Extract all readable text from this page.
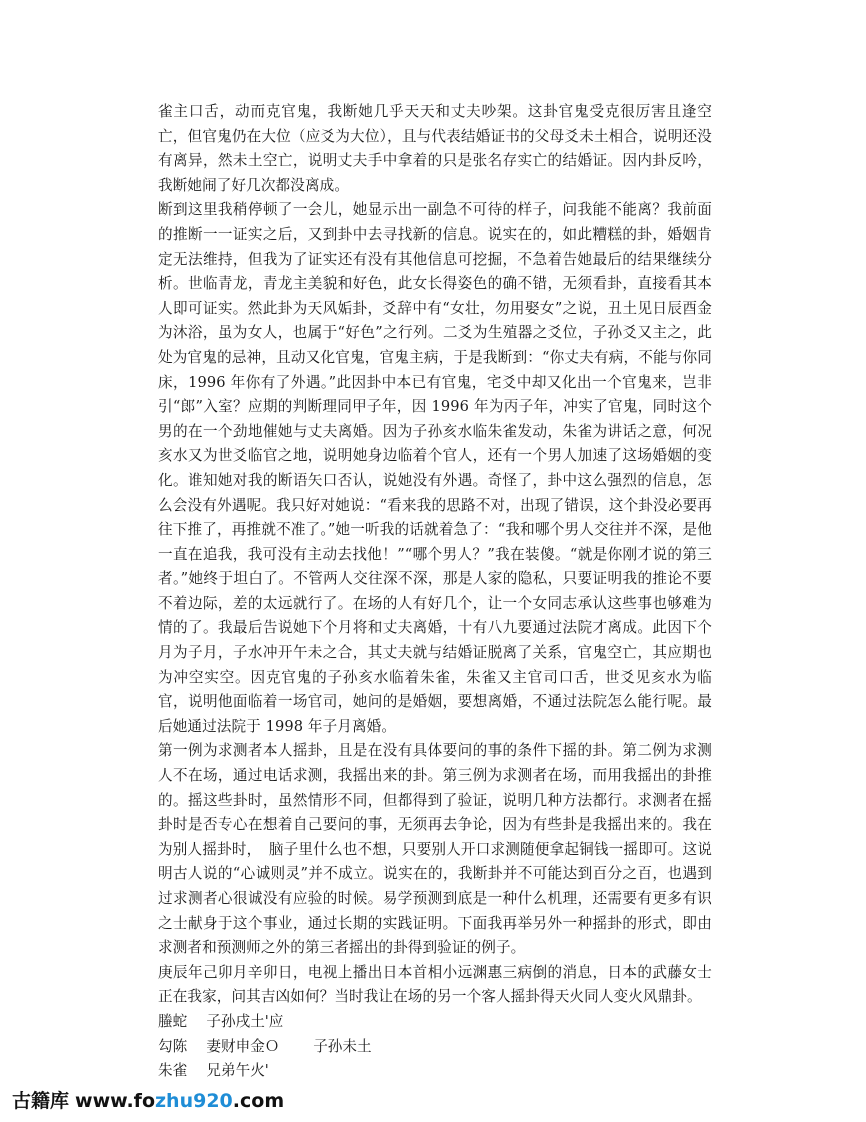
雀主口舌，动而克官鬼，我断她几乎天天和丈夫吵架。这卦官鬼受克很厉害且逢空亡，但官鬼仍在大位（应爻为大位），且与代表结婚证书的父母爻未土相合，说明还没有离异，然未土空亡，说明丈夫手中拿着的只是张名存实亡的结婚证。因内卦反吟，我断她闹了好几次都没离成。

断到这里我稍停顿了一会儿，她显示出一副急不可待的样子，问我能不能离？我前面的推断一一证实之后，又到卦中去寻找新的信息。说实在的，如此糟糕的卦，婚姻肯定无法维持，但我为了证实还有没有其他信息可挖掘，不急着告她最后的结果继续分析。世临青龙，青龙主美貌和好色，此女长得姿色的确不错，无须看卦，直接看其本人即可证实。然此卦为天风姤卦，爻辞中有“女壮，勿用娶女”之说，丑土见日辰酉金为沐浴，虽为女人，也属于“好色”之行列。二爻为生殖器之爻位，子孙爻又主之，此处为官鬼的忌神，且动又化官鬼，官鬼主病，于是我断到：“你丈夫有病，不能与你同床，1996 年你有了外遇。”此因卦中本已有官鬼，宅爻中却又化出一个官鬼来，岂非引“郎”入室？应期的判断理同甲子年，因 1996 年为丙子年，冲实了官鬼，同时这个男的在一个劲地催她与丈夫离婚。因为子孙亥水临朱雀发动，朱雀为讲话之意，何况亥水又为世爻临官之地，说明她身边临着个官人，还有一个男人加速了这场婚姻的变化。谁知她对我的断语矢口否认，说她没有外遇。奇怪了，卦中这么强烈的信息，怎么会没有外遇呢。我只好对她说：“看来我的思路不对，出现了错误，这个卦没必要再往下推了，再推就不准了。”她一听我的话就着急了：“我和哪个男人交往并不深，是他一直在追我，我可没有主动去找他！”“哪个男人？”我在装傻。“就是你刚才说的第三者。”她终于坦白了。不管两人交往深不深，那是人家的隐私，只要证明我的推论不要不着边际，差的太远就行了。在场的人有好几个，让一个女同志承认这些事也够难为情的了。我最后告说她下个月将和丈夫离婚，十有八九要通过法院才离成。此因下个月为子月，子水冲开午未之合，其丈夫就与结婚证脱离了关系，官鬼空亡，其应期也为冲空实空。因克官鬼的子孙亥水临着朱雀，朱雀又主官司口舌，世爻见亥水为临官，说明他面临着一场官司，她问的是婚姻，要想离婚，不通过法院怎么能行呢。最后她通过法院于 1998 年子月离婚。

第一例为求测者本人摇卦，且是在没有具体要问的事的条件下摇的卦。第二例为求测人不在场，通过电话求测，我摇出来的卦。第三例为求测者在场，而用我摇出的卦推的。摇这些卦时，虽然情形不同，但都得到了验证，说明几种方法都行。求测者在摇卦时是否专心在想着自己要问的事，无须再去争论，因为有些卦是我摇出来的。我在为别人摇卦时，　脑子里什么也不想，只要别人开口求测随便拿起铜钱一摇即可。这说明古人说的“心诚则灵”并不成立。说实在的，我断卦并不可能达到百分之百，也遇到过求测者心很诚没有应验的时候。易学预测到底是一种什么机理，还需要有更多有识之士献身于这个事业，通过长期的实践证明。下面我再举另外一种摇卦的形式，即由求测者和预测师之外的第三者摇出的卦得到验证的例子。

庚辰年己卯月辛卯日，电视上播出日本首相小远渊惠三病倒的消息，日本的武藤女士正在我家，问其吉凶如何？当时我让在场的另一个客人摇卦得天火同人变火风鼎卦。

螣蛇　 子孙戌土'应
勾陈　 妻财申金Ｏ　　 子孙未土
朱雀　 兄弟午火'
古籍库 www.fozhu920.com
